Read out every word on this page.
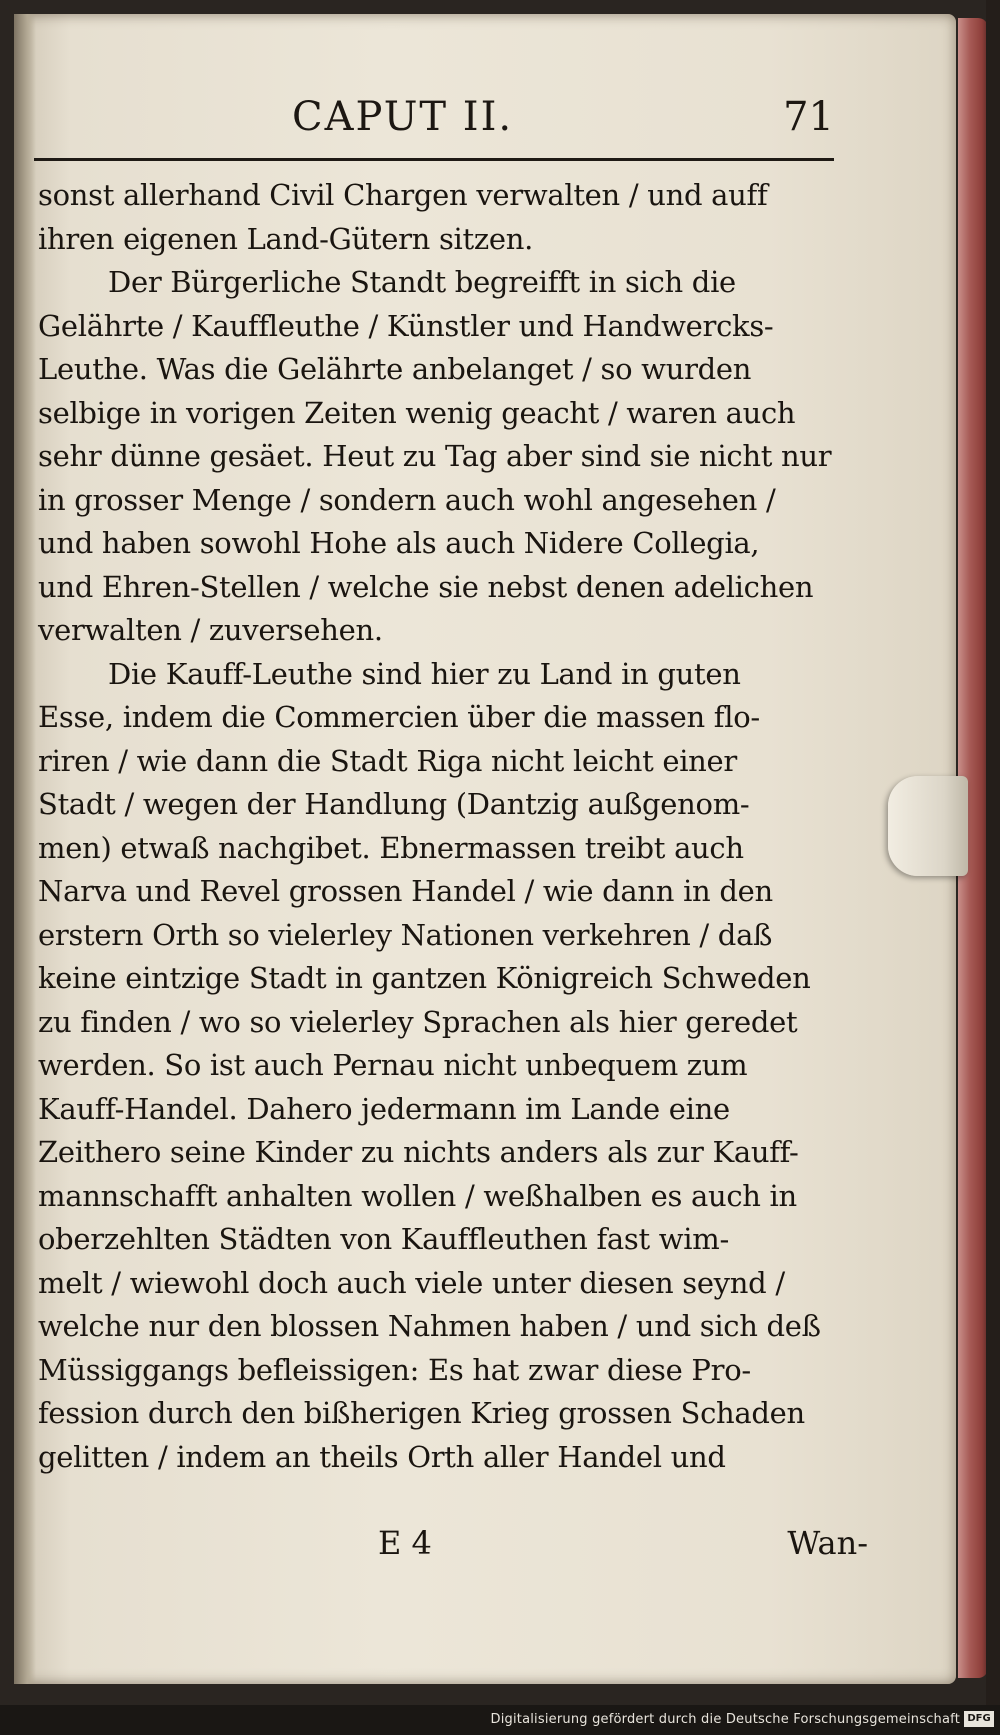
CAPUT II.	71
sonst allerhand Civil Chargen verwalten / und auff
ihren eigenen Land-Gütern sitzen.
Der Bürgerliche Standt begreifft in sich die
Gelährte / Kauffleuthe / Künstler und Handwercks-
Leuthe. Was die Gelährte anbelanget / so wurden
selbige in vorigen Zeiten wenig geacht / waren auch
sehr dünne gesäet. Heut zu Tag aber sind sie nicht nur
in grosser Menge / sondern auch wohl angesehen /
und haben sowohl Hohe als auch Nidere Collegia,
und Ehren-Stellen / welche sie nebst denen adelichen
verwalten / zuversehen.
Die Kauff-Leuthe sind hier zu Land in guten
Esse, indem die Commercien über die massen flo-
riren / wie dann die Stadt Riga nicht leicht einer
Stadt / wegen der Handlung (Dantzig außgenom-
men) etwaß nachgibet. Ebnermassen treibt auch
Narva und Revel grossen Handel / wie dann in den
erstern Orth so vielerley Nationen verkehren / daß
keine eintzige Stadt in gantzen Königreich Schweden
zu finden / wo so vielerley Sprachen als hier geredet
werden. So ist auch Pernau nicht unbequem zum
Kauff-Handel. Dahero jedermann im Lande eine
Zeithero seine Kinder zu nichts anders als zur Kauff-
mannschafft anhalten wollen / weßhalben es auch in
oberzehlten Städten von Kauffleuthen fast wim-
melt / wiewohl doch auch viele unter diesen seynd /
welche nur den blossen Nahmen haben / und sich deß
Müssiggangs befleissigen: Es hat zwar diese Pro-
fession durch den bißherigen Krieg grossen Schaden
gelitten / indem an theils Orth aller Handel und
E 4	Wan-
Digitalisierung gefördert durch die Deutsche Forschungsgemeinschaft DFG
